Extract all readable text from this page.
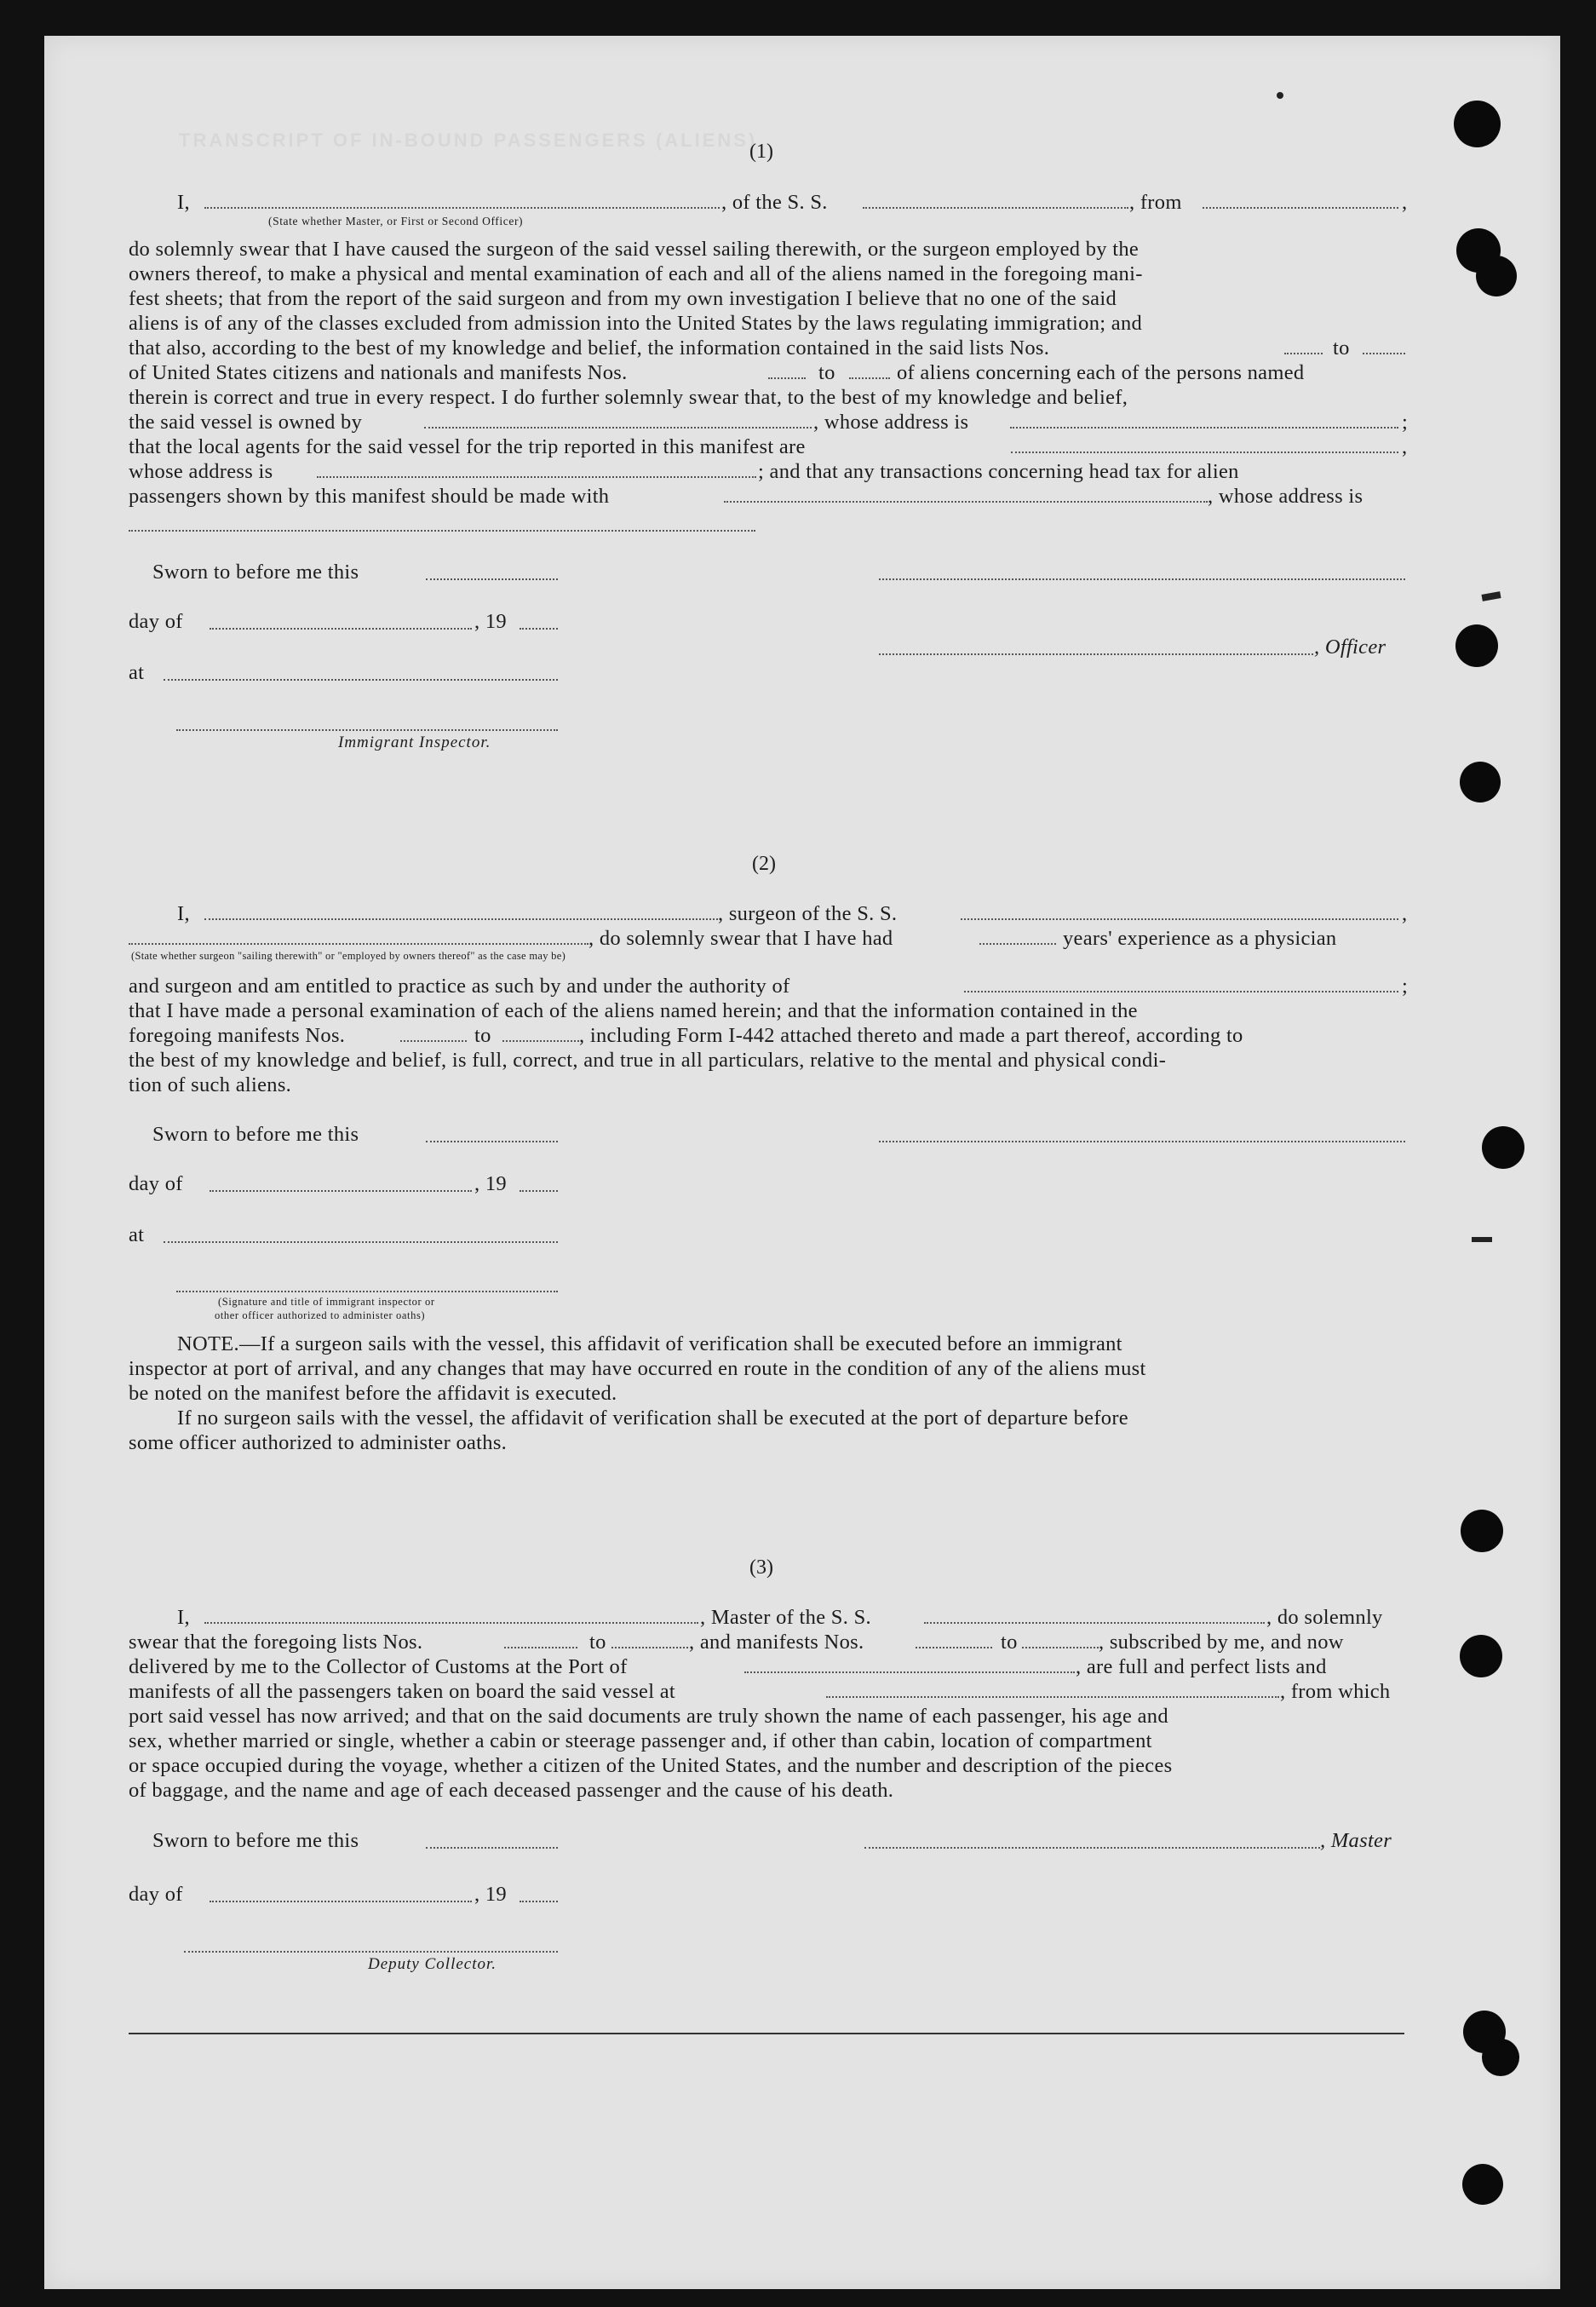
TRANSCRIPT OF IN-BOUND PASSENGERS (ALIENS)
(1)
I,	, of the S. S.	, from	,
(State whether Master, or First or Second Officer)
do solemnly swear that I have caused the surgeon of the said vessel sailing therewith, or the surgeon employed by the
owners thereof, to make a physical and mental examination of each and all of the aliens named in the foregoing mani-
fest sheets; that from the report of the said surgeon and from my own investigation I believe that no one of the said
aliens is of any of the classes excluded from admission into the United States by the laws regulating immigration; and
that also, according to the best of my knowledge and belief, the information contained in the said lists Nos.	to
of United States citizens and nationals and manifests Nos.	to	of aliens concerning each of the persons named
therein is correct and true in every respect. I do further solemnly swear that, to the best of my knowledge and belief,
the said vessel is owned by	, whose address is	;
that the local agents for the said vessel for the trip reported in this manifest are	,
whose address is	; and that any transactions concerning head tax for alien
passengers shown by this manifest should be made with	, whose address is
Sworn to before me this
day of	, 19
, Officer
at
Immigrant Inspector.
(2)
I,	, surgeon of the S. S.	,
, do solemnly swear that I have had	years' experience as a physician
(State whether surgeon "sailing therewith" or "employed by owners thereof" as the case may be)
and surgeon and am entitled to practice as such by and under the authority of	;
that I have made a personal examination of each of the aliens named herein; and that the information contained in the
foregoing manifests Nos.	to	, including Form I-442 attached thereto and made a part thereof, according to
the best of my knowledge and belief, is full, correct, and true in all particulars, relative to the mental and physical condi-
tion of such aliens.
Sworn to before me this
day of	, 19
at
(Signature and title of immigrant inspector or
other officer authorized to administer oaths)
NOTE.—If a surgeon sails with the vessel, this affidavit of verification shall be executed before an immigrant
inspector at port of arrival, and any changes that may have occurred en route in the condition of any of the aliens must
be noted on the manifest before the affidavit is executed.
If no surgeon sails with the vessel, the affidavit of verification shall be executed at the port of departure before
some officer authorized to administer oaths.
(3)
I,	, Master of the S. S.	, do solemnly
swear that the foregoing lists Nos.	to	, and manifests Nos.	to	, subscribed by me, and now
delivered by me to the Collector of Customs at the Port of	, are full and perfect lists and
manifests of all the passengers taken on board the said vessel at	, from which
port said vessel has now arrived; and that on the said documents are truly shown the name of each passenger, his age and
sex, whether married or single, whether a cabin or steerage passenger and, if other than cabin, location of compartment
or space occupied during the voyage, whether a citizen of the United States, and the number and description of the pieces
of baggage, and the name and age of each deceased passenger and the cause of his death.
Sworn to before me this	, Master
day of	, 19
Deputy Collector.
